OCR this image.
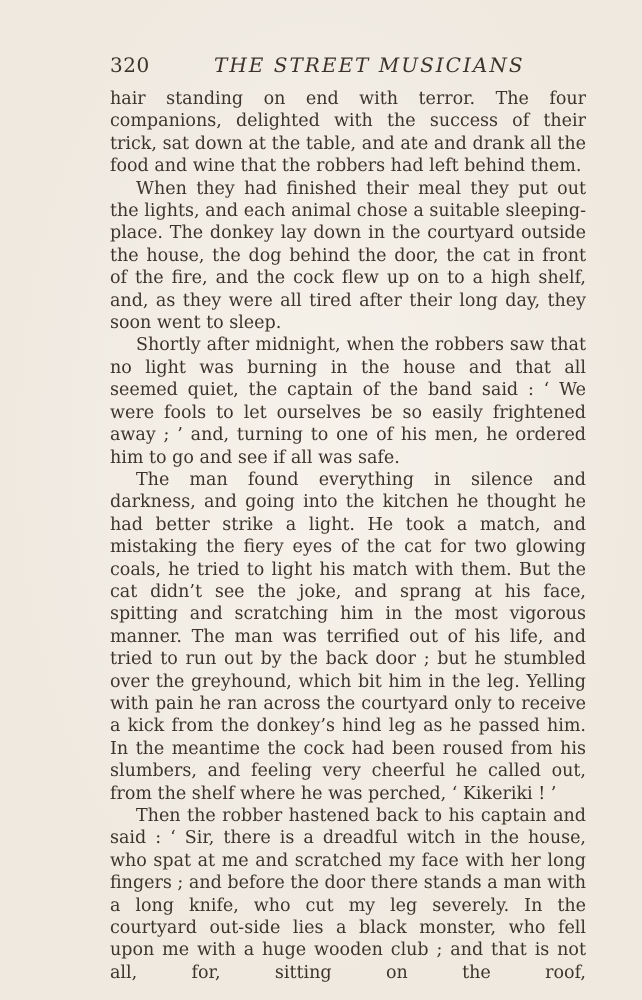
320	THE STREET MUSICIANS

hair standing on end with terror. The four companions, delighted with the success of their trick, sat down at the table, and ate and drank all the food and wine that the robbers had left behind them.

When they had finished their meal they put out the lights, and each animal chose a suitable sleeping-place. The donkey lay down in the courtyard outside the house, the dog behind the door, the cat in front of the fire, and the cock flew up on to a high shelf, and, as they were all tired after their long day, they soon went to sleep.

Shortly after midnight, when the robbers saw that no light was burning in the house and that all seemed quiet, the captain of the band said : ‘ We were fools to let ourselves be so easily frightened away ; ’ and, turning to one of his men, he ordered him to go and see if all was safe.

The man found everything in silence and darkness, and going into the kitchen he thought he had better strike a light. He took a match, and mistaking the fiery eyes of the cat for two glowing coals, he tried to light his match with them. But the cat didn’t see the joke, and sprang at his face, spitting and scratching him in the most vigorous manner. The man was terrified out of his life, and tried to run out by the back door ; but he stumbled over the greyhound, which bit him in the leg. Yelling with pain he ran across the courtyard only to receive a kick from the donkey’s hind leg as he passed him. In the meantime the cock had been roused from his slumbers, and feeling very cheerful he called out, from the shelf where he was perched, ‘ Kikeriki ! ’

Then the robber hastened back to his captain and said : ‘ Sir, there is a dreadful witch in the house, who spat at me and scratched my face with her long fingers ; and before the door there stands a man with a long knife, who cut my leg severely. In the courtyard out-side lies a black monster, who fell upon me with a huge wooden club ; and that is not all, for, sitting on the roof,
